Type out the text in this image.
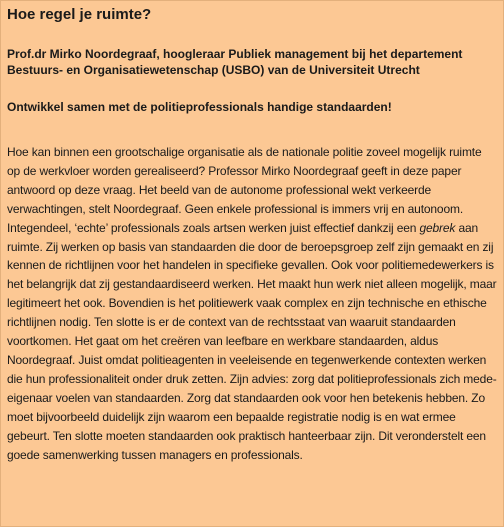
Hoe regel je ruimte?
Prof.dr Mirko Noordegraaf, hoogleraar Publiek management bij het departement Bestuurs- en Organisatiewetenschap (USBO) van de Universiteit Utrecht
Ontwikkel samen met de politieprofessionals handige standaarden!

Hoe kan binnen een grootschalige organisatie als de nationale politie zoveel mogelijk ruimte op de werkvloer worden gerealiseerd? Professor Mirko Noordegraaf geeft in deze paper antwoord op deze vraag. Het beeld van de autonome professional wekt verkeerde verwachtingen, stelt Noordegraaf. Geen enkele professional is immers vrij en autonoom. Integendeel, ‘echte’ professionals zoals artsen werken juist effectief dankzij een gebrek aan ruimte. Zij werken op basis van standaarden die door de beroepsgroep zelf zijn gemaakt en zij kennen de richtlijnen voor het handelen in specifieke gevallen. Ook voor politiemedewerkers is het belangrijk dat zij gestandaardiseerd werken. Het maakt hun werk niet alleen mogelijk, maar legitimeert het ook. Bovendien is het politiewerk vaak complex en zijn technische en ethische richtlijnen nodig. Ten slotte is er de context van de rechtsstaat van waaruit standaarden voortkomen. Het gaat om het creëren van leefbare en werkbare standaarden, aldus Noordegraaf. Juist omdat politieagenten in veeleisende en tegenwerkende contexten werken die hun professionaliteit onder druk zetten. Zijn advies: zorg dat politieprofessionals zich mede-eigenaar voelen van standaarden. Zorg dat standaarden ook voor hen betekenis hebben. Zo moet bijvoorbeeld duidelijk zijn waarom een bepaalde registratie nodig is en wat ermee gebeurt. Ten slotte moeten standaarden ook praktisch hanteerbaar zijn. Dit veronderstelt een goede samenwerking tussen managers en professionals.
